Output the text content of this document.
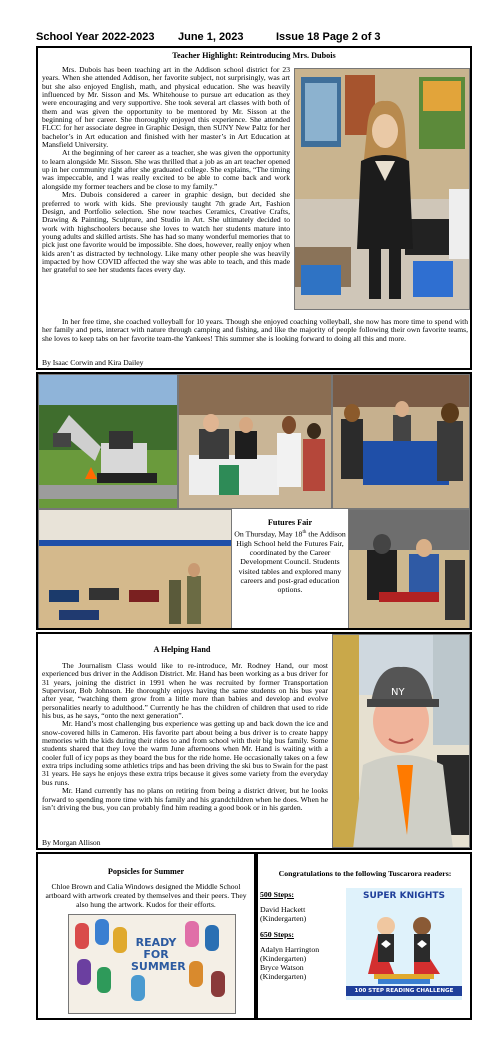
School Year 2022-2023 June 1, 2023	Issue 18 Page 2 of 3
Teacher Highlight: Reintroducing Mrs. Dubois

Mrs. Dubois has been teaching art in the Addison school district for 23 years. When she attended Addison, her favorite subject, not surprisingly, was art but she also enjoyed English, math, and physical education. She was heavily influenced by Mr. Sisson and Ms. Whitehouse to pursue art education as they were encouraging and very supportive. She took several art classes with both of them and was given the opportunity to be mentored by Mr. Sisson at the beginning of her career. She thoroughly enjoyed this experience. She attended FLCC for her associate degree in Graphic Design, then SUNY New Paltz for her bachelor’s in Art education and finished with her master’s in Art Education at Mansfield University.

At the beginning of her career as a teacher, she was given the opportunity to learn alongside Mr. Sisson. She was thrilled that a job as an art teacher opened up in her community right after she graduated college. She explains, “The timing was impeccable, and I was really excited to be able to come back and work alongside my former teachers and be close to my family.”

Mrs. Dubois considered a career in graphic design, but decided she preferred to work with kids. She previously taught 7th grade Art, Fashion Design, and Portfolio selection. She now teaches Ceramics, Creative Crafts, Drawing & Painting, Sculpture, and Studio in Art. She ultimately decided to work with highschoolers because she loves to watch her students mature into young adults and skilled artists. She has had so many wonderful memories that to pick just one favorite would be impossible. She does, however, really enjoy when kids aren’t as distracted by technology. Like many other people she was heavily impacted by how COVID affected the way she was able to teach, and this made her grateful to see her students faces every day.

In her free time, she coached volleyball for 10 years. Though she enjoyed coaching volleyball, she now has more time to spend with her family and pets, interact with nature through camping and fishing, and like the majority of people following their own favorite teams, she loves to keep tabs on her favorite team-the Yankees! This summer she is looking forward to doing all this and more.

By Isaac Corwin and Kira Dailey
Futures Fair
On Thursday, May 18th the Addison High School held the Futures Fair, coordinated by the Career Development Council. Students visited tables and explored many careers and post-grad education options.
A Helping Hand

The Journalism Class would like to re-introduce, Mr. Rodney Hand, our most experienced bus driver in the Addison District. Mr. Hand has been working as a bus driver for 31 years, joining the district in 1991 when he was recruited by former Transportation Supervisor, Bob Johnson. He thoroughly enjoys having the same students on his bus year after year, “watching them grow from a little more than babies and develop and evolve personalities nearly to adulthood.” Currently he has the children of children that used to ride his bus, as he says, “onto the next generation”.

Mr. Hand’s most challenging bus experience was getting up and back down the ice and snow-covered hills in Cameron. His favorite part about being a bus driver is to create happy memories with the kids during their rides to and from school with their big bus family. Some students shared that they love the warm June afternoons when Mr. Hand is waiting with a cooler full of icy pops as they board the bus for the ride home. He occasionally takes on a few extra trips including some athletics trips and has been driving the ski bus to Swain for the past 31 years. He says he enjoys these extra trips because it gives some variety from the everyday bus runs.

Mr. Hand currently has no plans on retiring from being a district driver, but he looks forward to spending more time with his family and his grandchildren when he does. When he isn’t driving the bus, you can probably find him reading a good book or in his garden.

By Morgan Allison
NY
Popsicles for Summer
Chloe Brown and Calia Windows designed the Middle School artboard with artwork created by themselves and their peers. They also hung the artwork. Kudos for their efforts.
READY FOR SUMMER
Congratulations to the following Tuscarora readers:
500 Steps:
David Hackett
(Kindergarten)
650 Steps:
Adalyn Harrington
(Kindergarten)
Bryce Watson
(Kindergarten)
SUPER KNIGHTS
100 STEP READING CHALLENGE
